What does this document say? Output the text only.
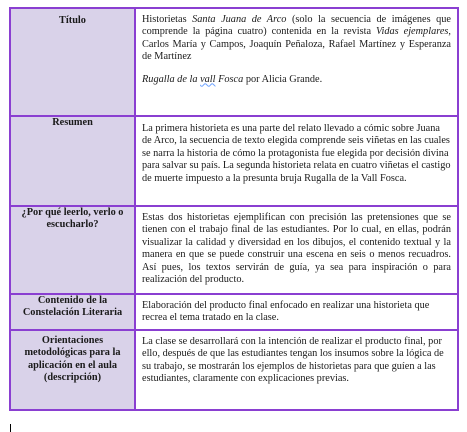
Título	Historietas Santa Juana de Arco (solo la secuencia de imágenes que comprende la página cuatro) contenida en la revista Vidas ejemplares, Carlos María y Campos, Joaquín Peñaloza, Rafael Martínez y Esperanza de Martínez

Rugalla de la vall Fosca por Alicia Grande.

Resumen	La primera historieta es una parte del relato llevado a cómic sobre Juana de Arco, la secuencia de texto elegida comprende seis viñetas en las cuales se narra la historia de cómo la protagonista fue elegida por decisión divina para salvar su país. La segunda historieta relata en cuatro viñetas el castigo de muerte impuesto a la presunta bruja Rugalla de la Vall Fosca.

¿Por qué leerlo, verlo o escucharlo?	Estas dos historietas ejemplifican con precisión las pretensiones que se tienen con el trabajo final de las estudiantes. Por lo cual, en ellas, podrán visualizar la calidad y diversidad en los dibujos, el contenido textual y la manera en que se puede construir una escena en seis o menos recuadros. Así pues, los textos servirán de guía, ya sea para inspiración o para realización del producto.

Contenido de la Constelación Literaria	Elaboración del producto final enfocado en realizar una historieta que recrea el tema tratado en la clase.

Orientaciones metodológicas para la aplicación en el aula (descripción)	La clase se desarrollará con la intención de realizar el producto final, por ello, después de que las estudiantes tengan los insumos sobre la lógica de su trabajo, se mostrarán los ejemplos de historietas para que guíen a las estudiantes, claramente con explicaciones previas.
